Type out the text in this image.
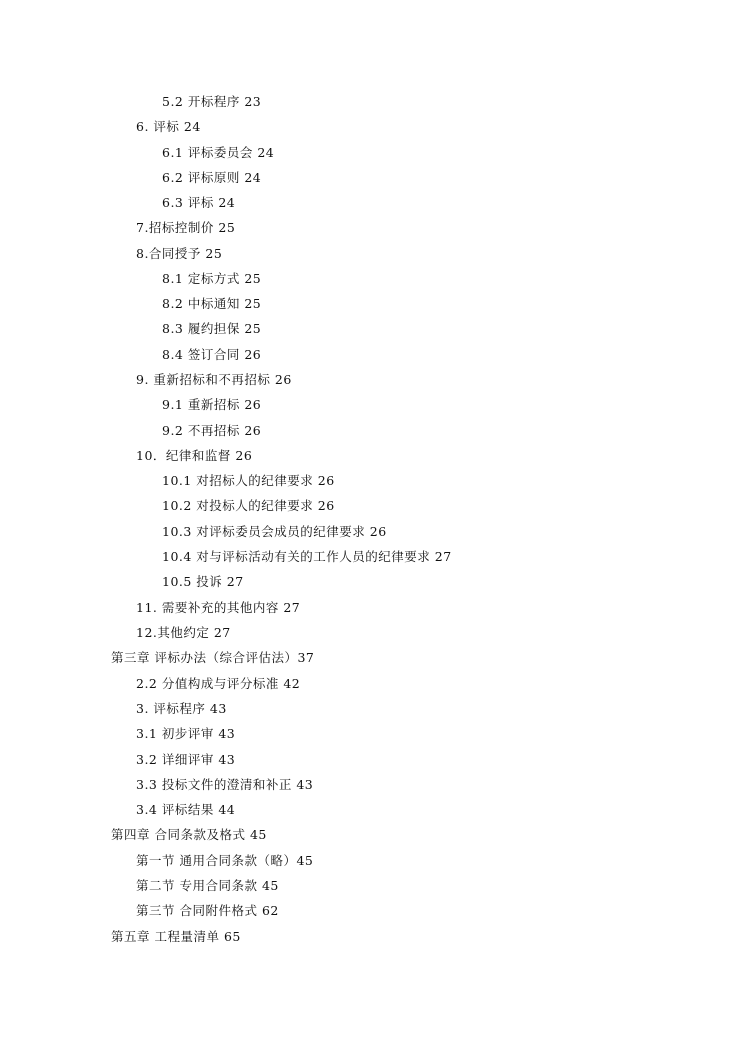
5.2 开标程序 23
6. 评标 24
6.1 评标委员会 24
6.2 评标原则 24
6.3 评标 24
7.招标控制价 25
8.合同授予 25
8.1 定标方式 25
8.2 中标通知 25
8.3 履约担保 25
8.4 签订合同 26
9. 重新招标和不再招标 26
9.1 重新招标 26
9.2 不再招标 26
10．纪律和监督 26
10.1 对招标人的纪律要求 26
10.2 对投标人的纪律要求 26
10.3 对评标委员会成员的纪律要求 26
10.4 对与评标活动有关的工作人员的纪律要求 27
10.5 投诉 27
11. 需要补充的其他内容 27
12.其他约定 27
第三章 评标办法（综合评估法）37
2.2 分值构成与评分标准 42
3. 评标程序 43
3.1 初步评审 43
3.2 详细评审 43
3.3 投标文件的澄清和补正 43
3.4 评标结果 44
第四章 合同条款及格式 45
第一节 通用合同条款（略）45
第二节 专用合同条款 45
第三节 合同附件格式 62
第五章 工程量清单 65
